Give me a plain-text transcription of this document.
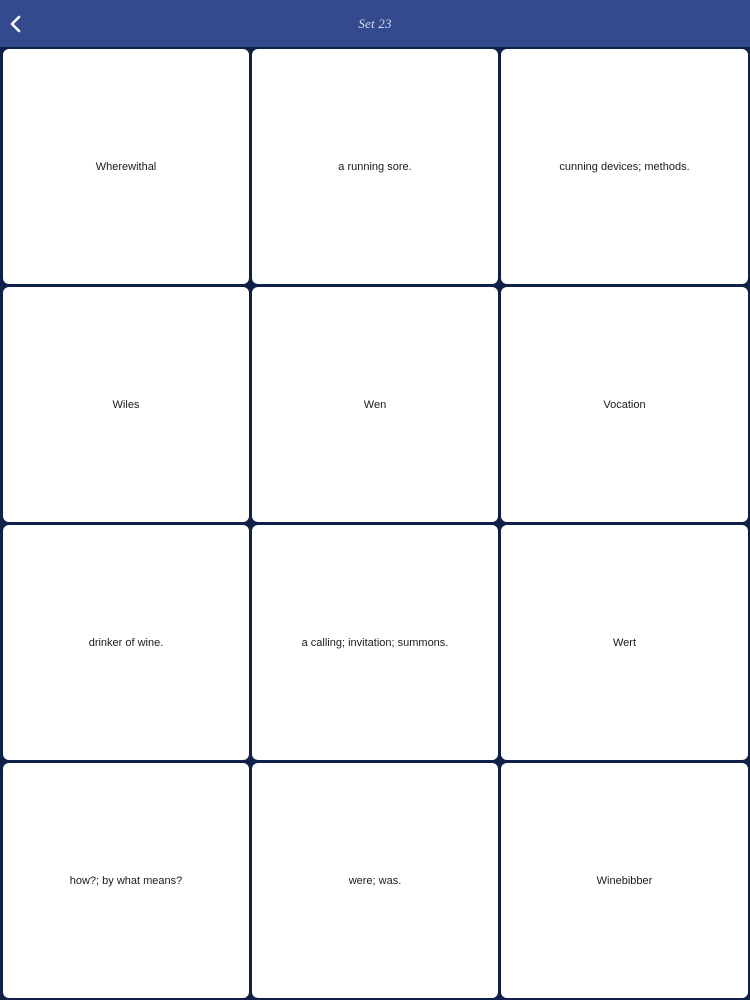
Set 23
Wherewithal	a running sore.	cunning devices; methods.
Wiles	Wen	Vocation
drinker of wine.	a calling; invitation; summons.	Wert
how?; by what means?	were; was.	Winebibber
